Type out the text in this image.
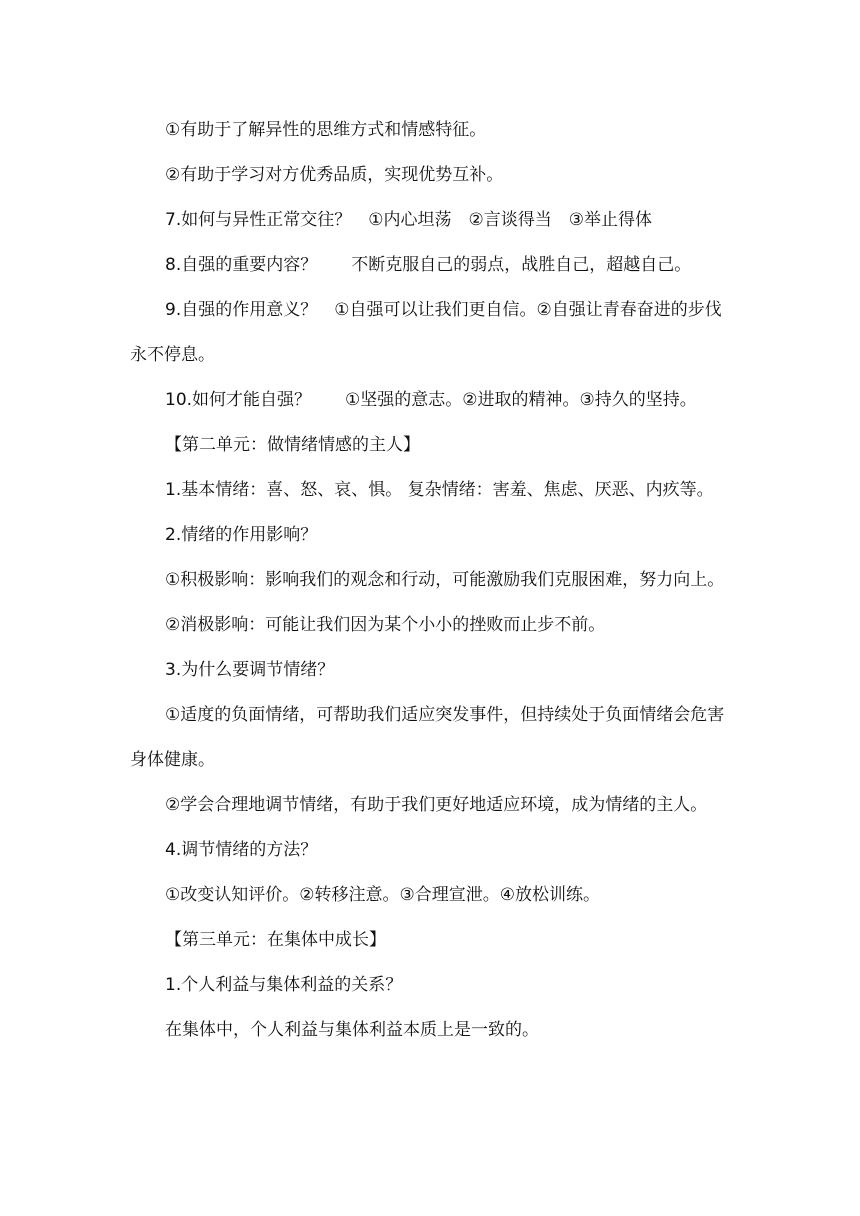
①有助于了解异性的思维方式和情感特征。

②有助于学习对方优秀品质，实现优势互补。

7.如何与异性正常交往？　①内心坦荡　②言谈得当　③举止得体

8.自强的重要内容？　　不断克服自己的弱点，战胜自己，超越自己。

9.自强的作用意义？　①自强可以让我们更自信。②自强让青春奋进的步伐永不停息。

10.如何才能自强？　　①坚强的意志。②进取的精神。③持久的坚持。

【第二单元：做情绪情感的主人】

1.基本情绪：喜、怒、哀、惧。 复杂情绪：害羞、焦虑、厌恶、内疚等。

2.情绪的作用影响？

①积极影响：影响我们的观念和行动，可能激励我们克服困难，努力向上。

②消极影响：可能让我们因为某个小小的挫败而止步不前。

3.为什么要调节情绪？

①适度的负面情绪，可帮助我们适应突发事件，但持续处于负面情绪会危害身体健康。

②学会合理地调节情绪，有助于我们更好地适应环境，成为情绪的主人。

4.调节情绪的方法？

①改变认知评价。②转移注意。③合理宣泄。④放松训练。

【第三单元：在集体中成长】

1.个人利益与集体利益的关系？

在集体中，个人利益与集体利益本质上是一致的。
